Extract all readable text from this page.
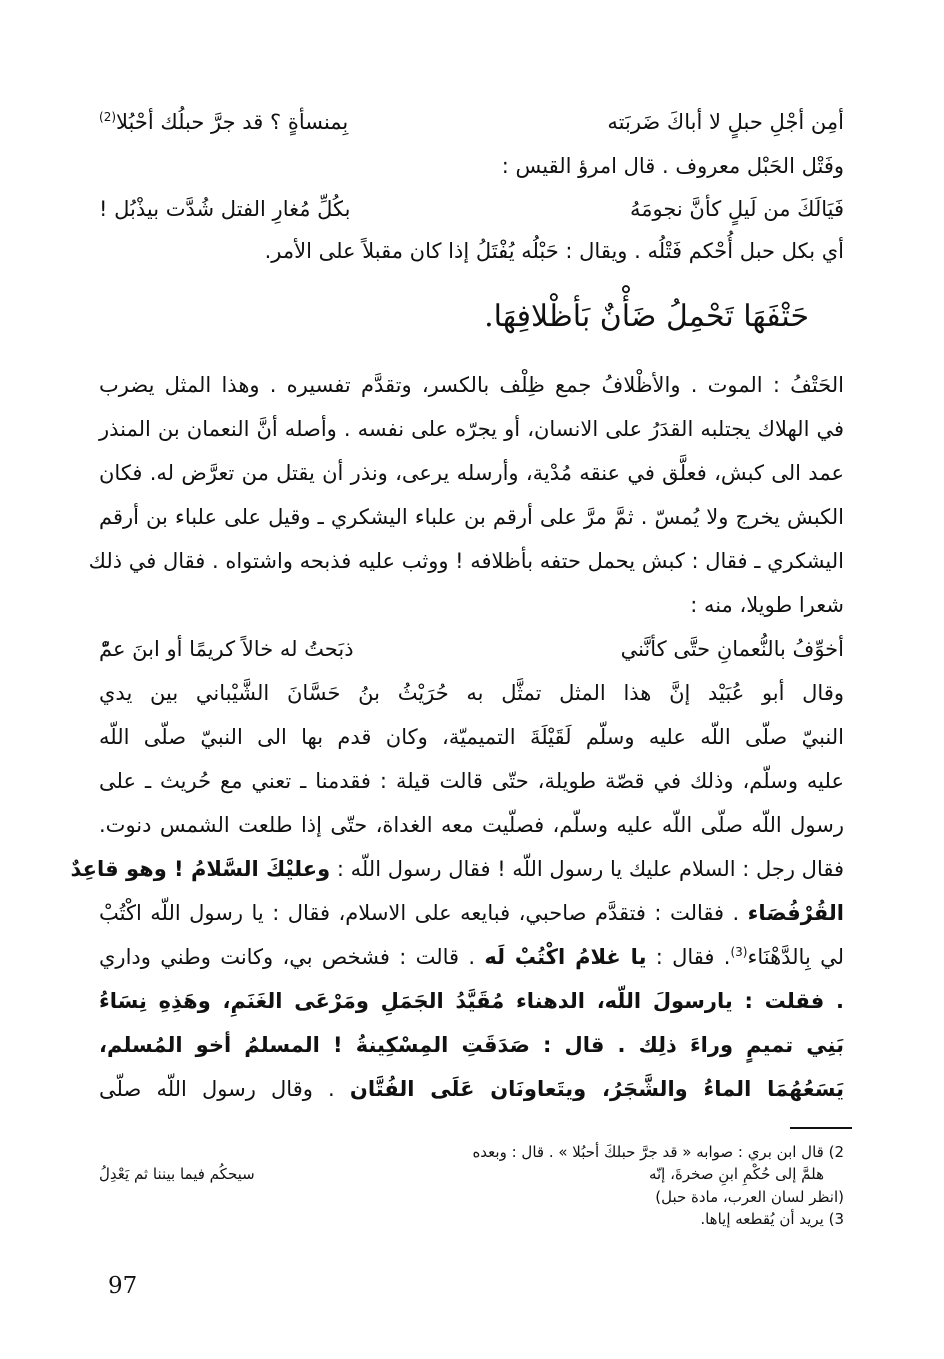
أمِن أجْلِ حبلٍ لا أباكَ ضَربَته
بِمنسأةٍ ؟ قد جرَّ حبلُك أحْبُلا$^{(2)}$
وفَتْل الحَبْل معروف . قال امرؤ القيس :
فَيَالَكَ من لَيلٍ كأنَّ نجومَهُ
بكُلِّ مُغارِ الفتل شُدَّت بيذْبُل !
أي بكل حبل أُحْكم فَتْلُه . ويقال : حَبْلُه يُفْتَلُ إذا كان مقبلاً على الأمر.
حَتْفَهَا تَحْمِلُ ضَأْنٌ بَأظْلافِهَا.
الحَتْفُ : الموت . والأظْلافُ جمع ظِلْف بالكسر، وتقدَّم تفسيره . وهذا المثل يضرب
في الهلاك يجتلبه القدَرُ على الانسان، أو يجرّه على نفسه . وأصله أنَّ النعمان بن المنذر
عمد الى كبش، فعلَّق في عنقه مُدْية، وأرسله يرعى، ونذر أن يقتل من تعرَّض له. فكان
الكبش يخرج ولا يُمسّ . ثمَّ مرَّ على أرقم بن علباء اليشكري ـ وقيل على علباء بن أرقم
اليشكري ـ فقال : كبش يحمل حتفه بأظلافه ! ووثب عليه فذبحه واشتواه . فقال في ذلك
شعرا طويلا، منه :
أخوِّفُ بالنُّعمانِ حتَّى كأنَّني
ذبَحتُ له خالاً كريمًا أو ابنَ عمّْ
وقال أبو عُبَيْد إنَّ هذا المثل تمثَّل به حُرَيْثُ بنُ حَسَّانَ الشَّيْباني بين يدي
النبيّ صلّى اللّه عليه وسلّم لَقَيْلَةَ التميميّة، وكان قدم بها الى النبيّ صلّى اللّه
عليه وسلّم، وذلك في قصّة طويلة، حتّى قالت قيلة : فقدمنا ـ تعني مع حُريث ـ على
رسول اللّه صلّى اللّه عليه وسلّم، فصلّيت معه الغداة، حتّى إذا طلعت الشمس دنوت.
فقال رجل : السلام عليك يا رسول اللّه ! فقال رسول اللّه : وعليْكَ السَّلامُ ! وهو قاعِدٌ
القُرْفُصَاء . فقالت : فتقدَّم صاحبي، فبايعه على الاسلام، فقال : يا رسول اللّه اكْتُبْ
لي بِالدَّهْنَاء$^{(3)}$. فقال : يا غلامُ اكْتُبْ لَه . قالت : فشخص بي، وكانت وطني وداري
. فقلت : يارسولَ اللّه، الدهناء مُقَيَّدُ الجَمَلِ ومَرْعَى الغَنَمِ، وهَذِهِ نِسَاءُ
بَنِي تميمٍ وراءَ ذلِك . قال : صَدَقَتِ المِسْكِينةُ ! المسلمُ أخو المُسلم،
يَسَعُهُمَا الماءُ والشَّجَرُ، ويتَعاونَان عَلَى الفُتَّان . وقال رسول اللّه صلّى
2) قال ابن بري : صوابه « قد جرَّ حبلكَ أحبُلا » . قال : وبعده
هلمَّ إلى حُكْمِ ابنِ صخرةَ، إنّه
سيحكُم فيما بيننا ثم يَعْدِلُ
(انظر لسان العرب، مادة حبل)
3) يريد أن يُقطعه إياها.
97
